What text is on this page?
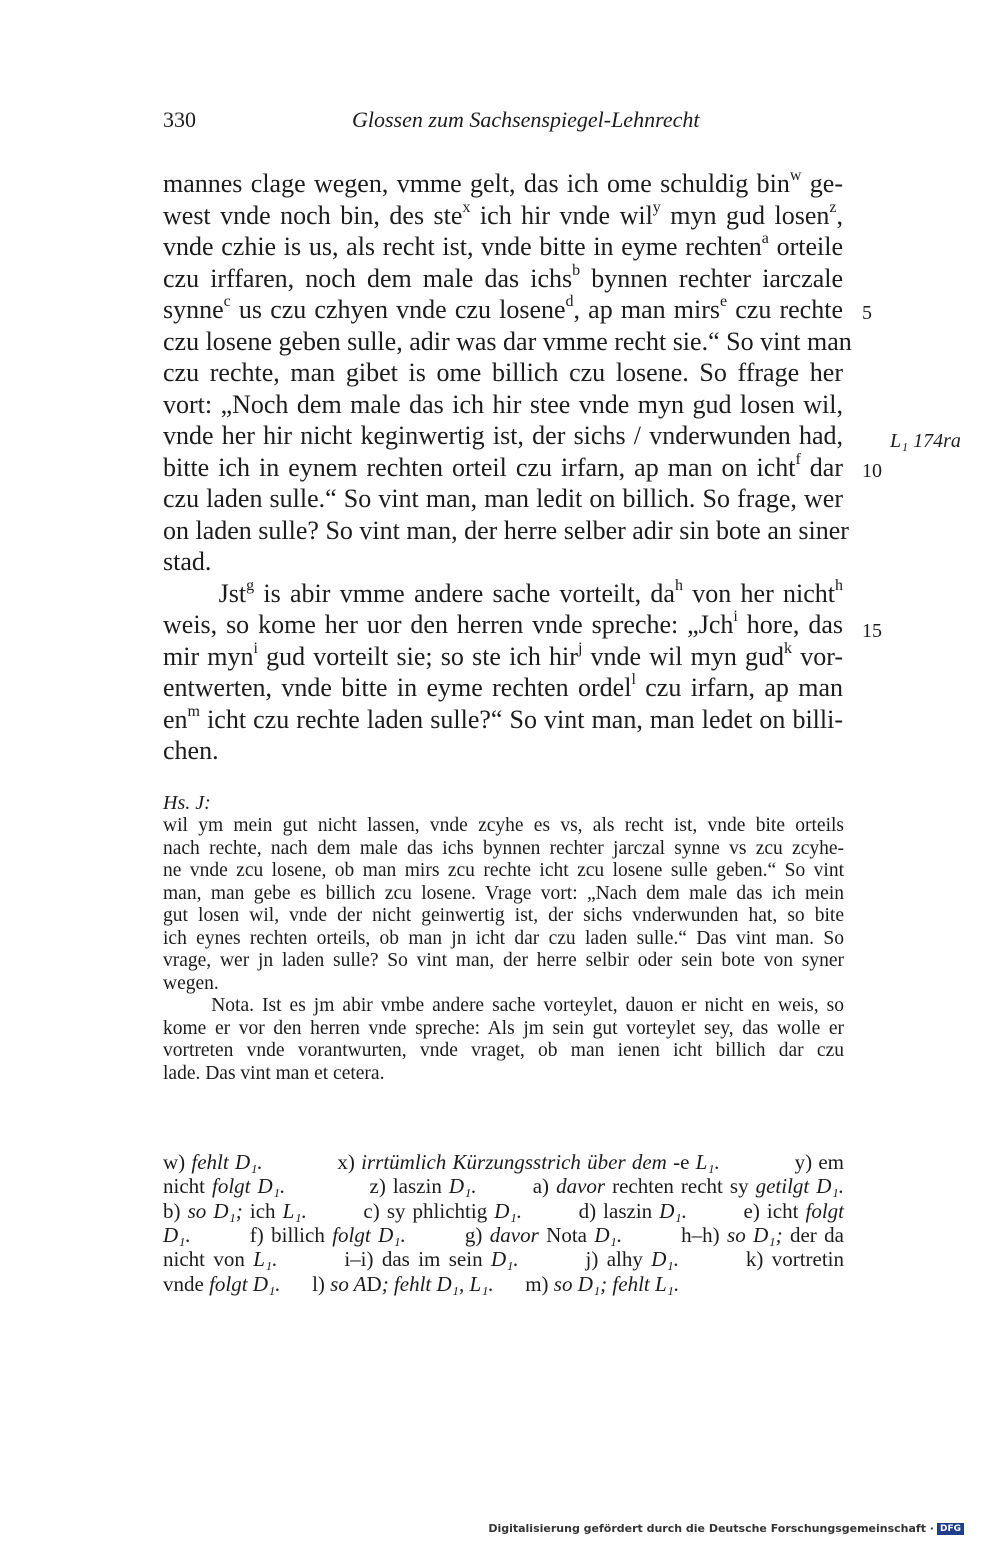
330	Glossen zum Sachsenspiegel-Lehnrecht
mannes clage wegen, vmme gelt, das ich ome schuldig bin$^w$ ge-
west vnde noch bin, des ste$^x$ ich hir vnde wil$^y$ myn gud losen$^z$,
vnde czhie is us, als recht ist, vnde bitte in eyme rechten$^a$ orteile
czu irffaren, noch dem male das ichs$^b$ bynnen rechter iarczale
synne$^c$ us czu czhyen vnde czu losene$^d$, ap man mirs$^e$ czu rechte
czu losene geben sulle, adir was dar vmme recht sie.“ So vint man
czu rechte, man gibet is ome billich czu losene. So ffrage her
vort: „Noch dem male das ich hir stee vnde myn gud losen wil,
vnde her hir nicht keginwertig ist, der sichs / vnderwunden had,
bitte ich in eynem rechten orteil czu irfarn, ap man on icht$^f$ dar
czu laden sulle.“ So vint man, man ledit on billich. So frage, wer
on laden sulle? So vint man, der herre selber adir sin bote an siner
stad.
Jst$^g$ is abir vmme andere sache vorteilt, $da^h$ von her nicht$^h$
weis, so kome her uor den herren vnde spreche: „Jch$^i$ hore, das
mir myn$^i$ gud vorteilt sie; so ste ich hir$^j$ vnde wil myn gud$^k$ vor-
entwerten, vnde bitte in eyme rechten ordel$^l$ czu irfarn, ap man
$en^m$ icht czu rechte laden sulle?“ So vint man, man ledet on billi-
chen.
5
10
15
L₁ 174ra
Hs. J:
wil ym mein gut nicht lassen, vnde zcyhe es vs, als recht ist, vnde bite orteils
nach rechte, nach dem male das ichs bynnen rechter jarczal synne vs zcu zcyhe-
ne vnde zcu losene, ob man mirs zcu rechte icht zcu losene sulle geben.“ So vint
man, man gebe es billich zcu losene. Vrage vort: „Nach dem male das ich mein
gut losen wil, vnde der nicht geinwertig ist, der sichs vnderwunden hat, so bite
ich eynes rechten orteils, ob man jn icht dar czu laden sulle.“ Das vint man. So
vrage, wer jn laden sulle? So vint man, der herre selbir oder sein bote von syner
wegen.
Nota. Ist es jm abir vmbe andere sache vorteylet, dauon er nicht en weis, so
kome er vor den herren vnde spreche: Als jm sein gut vorteylet sey, das wolle er
vortreten vnde vorantwurten, vnde vraget, ob man ienen icht billich dar czu
lade. Das vint man et cetera.
w) fehlt D₁.            x) irrtümlich Kürzungsstrich über dem -e L₁.            y) em
nicht folgt D₁.            z) laszin D₁.        a) davor rechten recht sy getilgt D₁.
b) so D₁; ich L₁.        c) sy phlichtig D₁.        d) laszin D₁.        e) icht folgt
D₁.        f) billich folgt D₁.        g) davor Nota D₁.        h–h) so D₁; der da
nicht von L₁.        i–i) das im sein D₁.        j) alhy D₁.        k) vortretin
vnde folgt D₁.      l) so AD; fehlt D₁, L₁.      m) so D₁; fehlt L₁.
Digitalisierung gefördert durch die Deutsche Forschungsgemeinschaft · DFG
